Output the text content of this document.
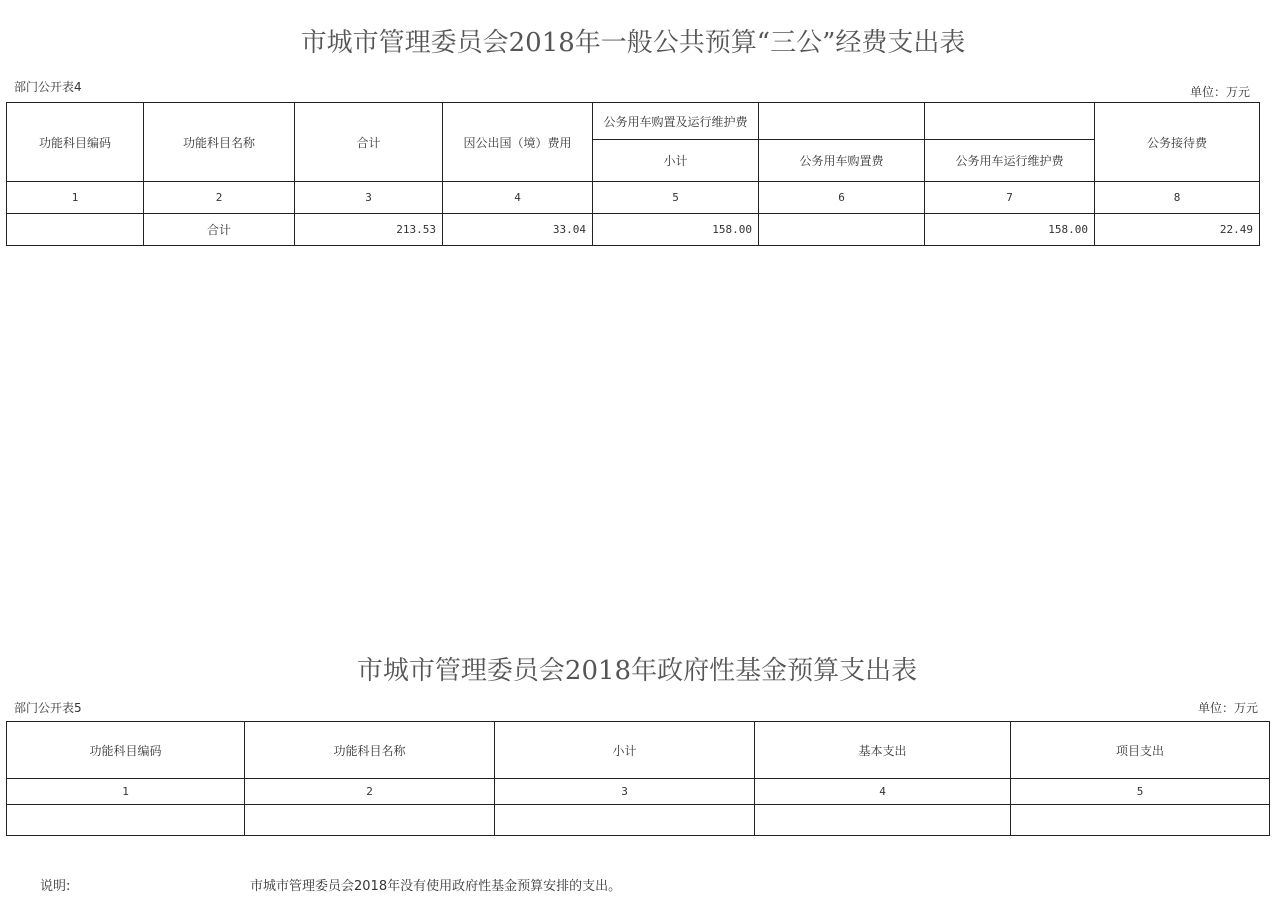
市城市管理委员会2018年一般公共预算“三公”经费支出表
部门公开表4	单位：万元
功能科目编码	功能科目名称	合计	因公出国（境）费用	公务用车购置及运行维护费			公务接待费
				小计	公务用车购置费	公务用车运行维护费	
1	2	3	4	5	6	7	8
	合计	213.53	33.04	158.00		158.00	22.49
市城市管理委员会2018年政府性基金预算支出表
部门公开表5	单位：万元
功能科目编码	功能科目名称	小计	基本支出	项目支出
1	2	3	4	5

说明:	市城市管理委员会2018年没有使用政府性基金预算安排的支出。
